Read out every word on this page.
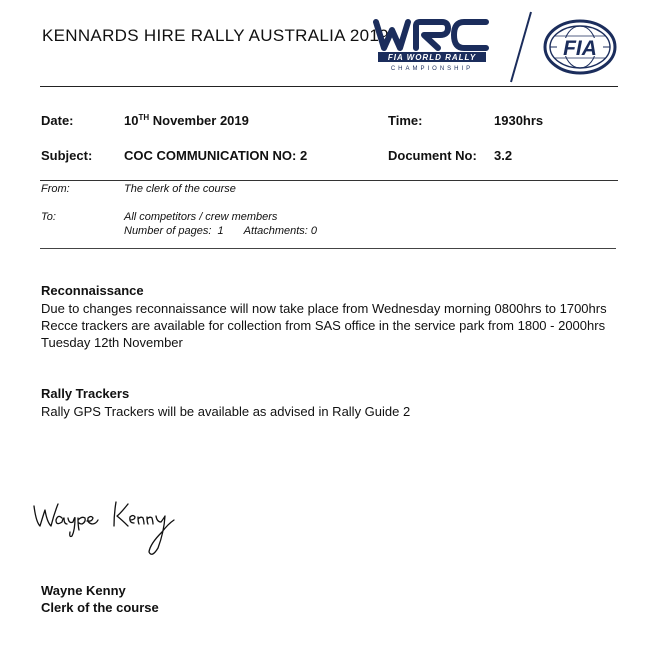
KENNARDS HIRE RALLY AUSTRALIA 2019
FIA WORLD RALLY
CHAMPIONSHIP
FIA
Date:	10TH November 2019	Time:	1930hrs
Subject: COC COMMUNICATION NO: 2	Document No: 3.2
From:	The clerk of the course
To:	All competitors / crew members
Number of pages:  1 Attachments: 0
Reconnaissance
Due to changes reconnaissance will now take place from Wednesday morning 0800hrs to 1700hrs
Recce trackers are available for collection from SAS office in the service park from 1800 - 2000hrs
Tuesday 12th November
Rally Trackers
Rally GPS Trackers will be available as advised in Rally Guide 2
Wayne Kenny
Clerk of the course
